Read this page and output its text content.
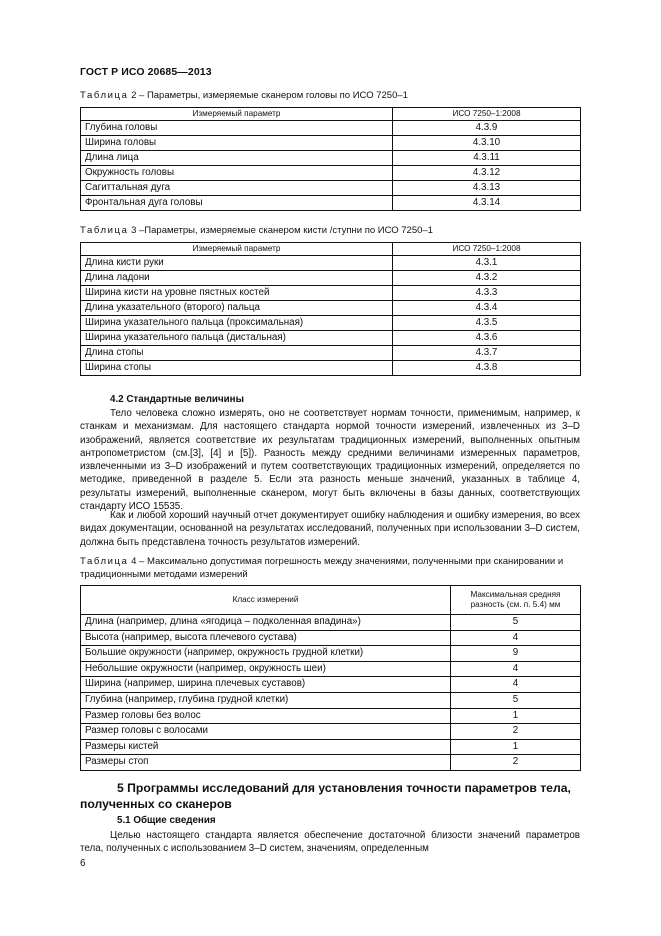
ГОСТ Р ИСО 20685—2013
Таблица 2 – Параметры, измеряемые сканером головы по ИСО 7250–1
Измеряемый параметр	ИСО 7250–1:2008
Глубина головы	4.3.9
Ширина головы	4.3.10
Длина лица	4.3.11
Окружность головы	4.3.12
Сагиттальная дуга	4.3.13
Фронтальная дуга головы	4.3.14
Таблица 3 –Параметры, измеряемые сканером кисти /ступни по ИСО 7250–1
Измеряемый параметр	ИСО 7250–1:2008
Длина кисти руки	4.3.1
Длина ладони	4.3.2
Ширина кисти на уровне пястных костей	4.3.3
Длина указательного (второго) пальца	4.3.4
Ширина указательного пальца (проксимальная)	4.3.5
Ширина указательного пальца (дистальная)	4.3.6
Длина стопы	4.3.7
Ширина стопы	4.3.8
4.2 Стандартные величины
Тело человека сложно измерять, оно не соответствует нормам точности, применимым, например, к станкам и механизмам. Для настоящего стандарта нормой точности измерений, извлеченных из 3–D изображений, является соответствие их результатам традиционных измерений, выполненных опытным антропометристом (см.[3], [4] и [5]). Разность между средними величинами измеренных параметров, извлеченными из 3–D изображений и путем соответствующих традиционных измерений, определяется по методике, приведенной в разделе 5. Если эта разность меньше значений, указанных в таблице 4, результаты измерений, выполненные сканером, могут быть включены в базы данных, соответствующих стандарту ИСО 15535.
Как и любой хороший научный отчет документирует ошибку наблюдения и ошибку измерения, во всех видах документации, основанной на результатах исследований, полученных при использовании 3–D систем, должна быть представлена точность результатов измерений.
Таблица 4 – Максимально допустимая погрешность между значениями, полученными при сканировании и традиционными методами измерений
Класс измерений	Максимальная средняя разность (см. п. 5.4) мм
Длина (например, длина «ягодица – подколенная впадина»)	5
Высота (например, высота плечевого сустава)	4
Большие окружности (например, окружность грудной клетки)	9
Небольшие окружности (например, окружность шеи)	4
Ширина (например, ширина плечевых суставов)	4
Глубина (например, глубина грудной клетки)	5
Размер головы без волос	1
Размер головы с волосами	2
Размеры кистей	1
Размеры стоп	2
5 Программы исследований для установления точности параметров тела, полученных со сканеров
5.1 Общие сведения
Целью настоящего стандарта является обеспечение достаточной близости значений параметров тела, полученных с использованием 3–D систем, значениям, определенным
6
